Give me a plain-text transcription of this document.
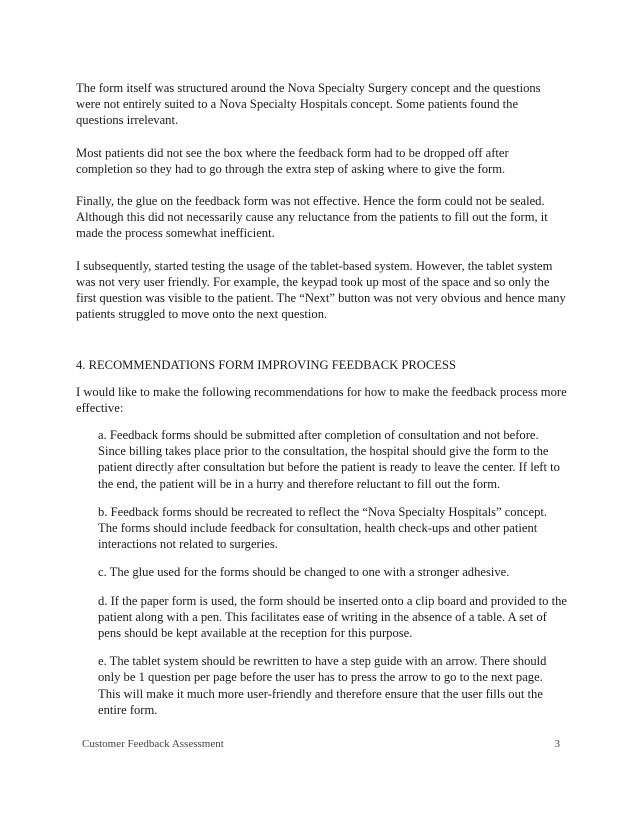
The form itself was structured around the Nova Specialty Surgery concept and the questions were not entirely suited to a Nova Specialty Hospitals concept. Some patients found the questions irrelevant.

Most patients did not see the box where the feedback form had to be dropped off after completion so they had to go through the extra step of asking where to give the form.

Finally, the glue on the feedback form was not effective. Hence the form could not be sealed. Although this did not necessarily cause any reluctance from the patients to fill out the form, it made the process somewhat inefficient.

I subsequently, started testing the usage of the tablet-based system. However, the tablet system was not very user friendly. For example, the keypad took up most of the space and so only the first question was visible to the patient. The “Next” button was not very obvious and hence many patients struggled to move onto the next question.

4. RECOMMENDATIONS FORM IMPROVING FEEDBACK PROCESS

I would like to make the following recommendations for how to make the feedback process more effective:

a. Feedback forms should be submitted after completion of consultation and not before. Since billing takes place prior to the consultation, the hospital should give the form to the patient directly after consultation but before the patient is ready to leave the center. If left to the end, the patient will be in a hurry and therefore reluctant to fill out the form.

b. Feedback forms should be recreated to reflect the “Nova Specialty Hospitals” concept. The forms should include feedback for consultation, health check-ups and other patient interactions not related to surgeries.

c. The glue used for the forms should be changed to one with a stronger adhesive.

d. If the paper form is used, the form should be inserted onto a clip board and provided to the patient along with a pen. This facilitates ease of writing in the absence of a table. A set of pens should be kept available at the reception for this purpose.

e. The tablet system should be rewritten to have a step guide with an arrow. There should only be 1 question per page before the user has to press the arrow to go to the next page. This will make it much more user-friendly and therefore ensure that the user fills out the entire form.

Customer Feedback Assessment	3
